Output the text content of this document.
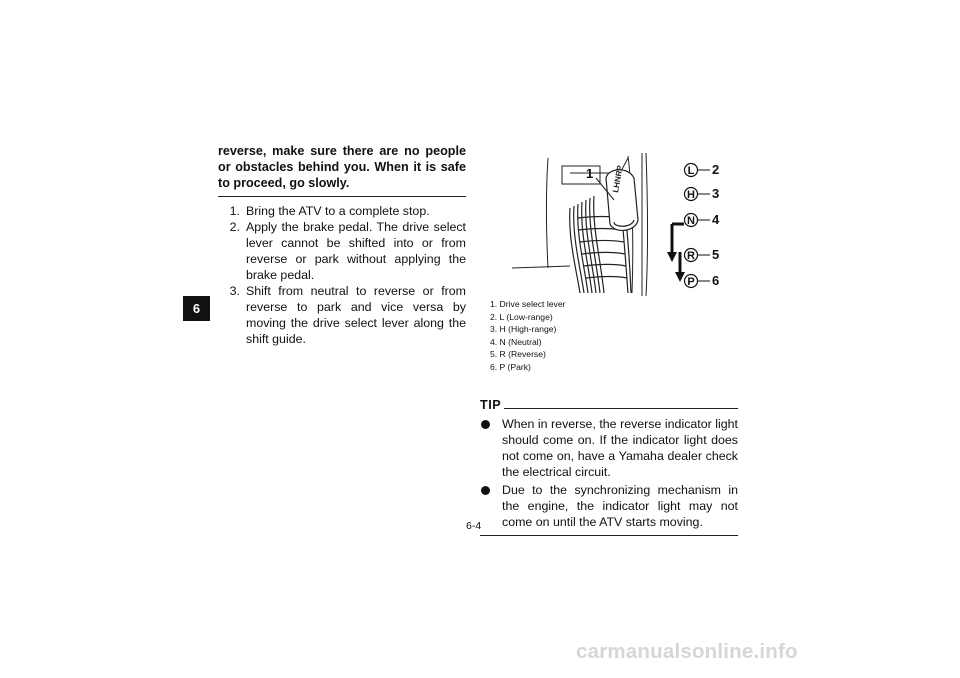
6

reverse, make sure there are no people or obstacles behind you. When it is safe to proceed, go slowly.

1. Bring the ATV to a complete stop.
2. Apply the brake pedal. The drive select lever cannot be shifted into or from reverse or park without applying the brake pedal.
3. Shift from neutral to reverse or from reverse to park and vice versa by moving the drive select lever along the shift guide.
LHNRP
1	L 2
H 3
N 4
R 5
P 6
1. Drive select lever
2. L (Low-range)
3. H (High-range)
4. N (Neutral)
5. R (Reverse)
6. P (Park)
TIP
When in reverse, the reverse indicator light should come on. If the indicator light does not come on, have a Yamaha dealer check the electrical circuit.
Due to the synchronizing mechanism in the engine, the indicator light may not come on until the ATV starts moving.
6-4
carmanualsonline.info
